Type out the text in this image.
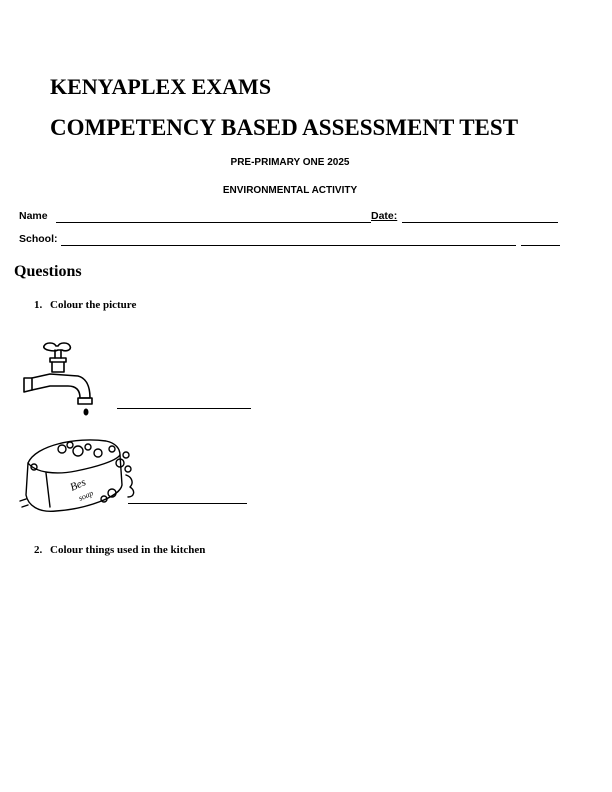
KENYAPLEX EXAMS
COMPETENCY BASED ASSESSMENT TEST
PRE-PRIMARY ONE 2025
ENVIRONMENTAL ACTIVITY
Name	Date:
School:
Questions
1. Colour the picture
Bes
soap
2. Colour things used in the kitchen
